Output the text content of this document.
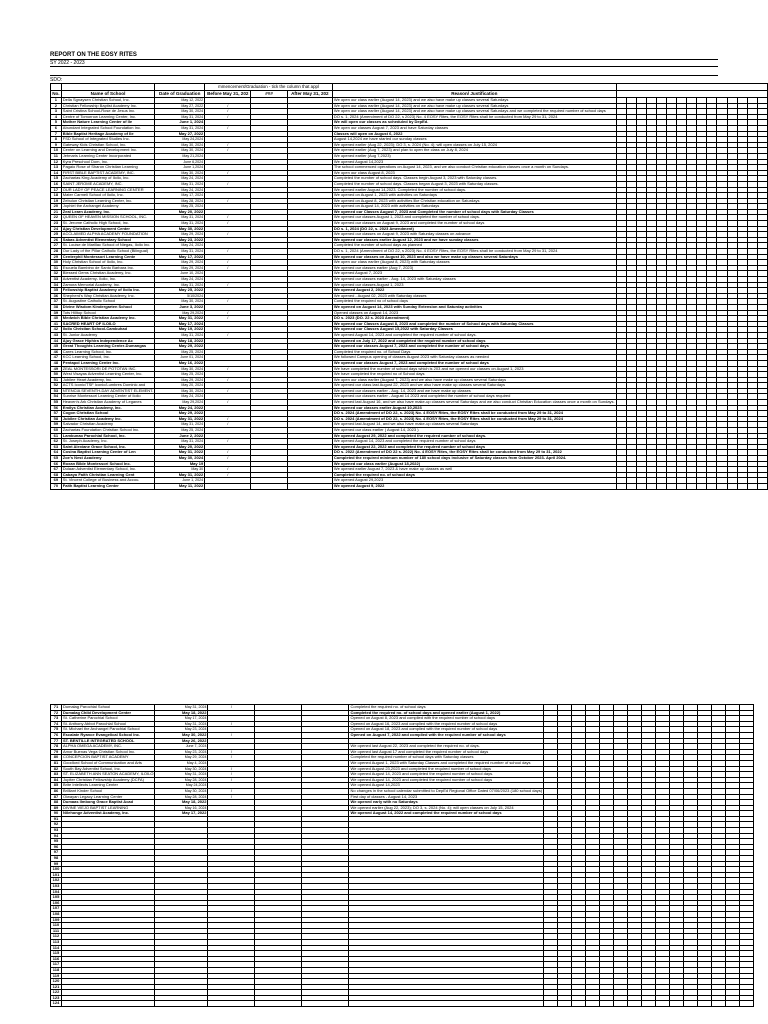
REPORT ON THE EOSY RITES
SY 2022 - 2023
SDO:
			mmencement/Graduation - tick the column that appl																		
No.	Name of School	Date of Graduation	Before May 31, 202	###	After May 31, 202	Reason/ Justification															
1	Della Sgnaysen Christian School, Inc.	May 12, 2022				We open our class earlier (August 14, 2023) and we also have make up classes several Saturdays															
2	Christian Fellowship Baptist Academy Inc.	May 27, 2022	/			We open our class earlier (August 14, 2023) and we also have make up classes several Saturdays															
3	Saint Cristina School-Rose de Jesus Inc.	May 30, 2024	/			We open our class earlier (August 14, 2023) and we also have make up classes several Saturdays and we completed the required number of school days															
4	Centre of Tomorrow Learning Center, Inc.	May 31, 2024	/			DO s. 1, 2024 (Amendment of DO 22, s 2023) No. 4 EOSY Rites, the EOSY Rites shall be conducted from May 29 to 31, 2024															
5	Mother Nature Learning Center of Ile	June 1, 2024				We will open our classes as scheduled by DepEd.															
6	Abundant Integrated School Foundation Inc.	May 31, 2024	/			We open our classes August 7, 2023 and have Saturday classes															
7	Bible Baptist Heritage Academy of Ile	May 27, 2022				Classes will open on August 6, 2022															
8	FSD School of Integrated Studies Inc.	May 24,2024				August 14,2024 we have started our sunday classes															
9	Gateway Kids Christian School, Inc.	May 30, 2024	/			We opened earlier (Aug 22, 2023); DO 3, s. 2024 (No. 4); will open classes on July 15, 2024															
10	Center on Learning and Development Inc.	May 30, 2024	/			We opened earlier (Aug 7, 2023) and plan to open the class on July 8, 2024															
11	Jetmaris Learning Center Incorporated	May 21,2024				We opened earlier (Aug 7,2023)															
12	Kyra Preschool Dom, Inc.	June 6,2024				We opened August 14,2023															
13	Pagaio Rose of Sharon Christian Learning	June 1,2024				The school commenced operations on August 14, 2023, and we also conduct Christian education classes once a month on Sundays.															
14	FIRST BIBLE BAPTIST ACADEMY, INC.	May 30, 2024	/			We open our class August 8, 2023															
15	Zacharias King Academy of Iloilo, Inc.	May 24, 2024				Completed the number of school days. Classes begin August 3, 2023 with Saturday classes.															
16	SAINT JEROME ACADEMY, INC.	May 31, 2024	/			Completed the number of school days. Classes began August 3, 2023 with Saturday classes.															
17	OUR LADY OF PEACE LEARNING CENTER	May 24, 2024				We opened earlier August 14,2023. Completed the number of school days.															
18	Mater Carmeli School of Iloilo, Inc.	May 17, 2024				We opened on August 1, 2023 with activities on Saturdays															
19	Zebulun Christian Learning Center, Inc.	May 28, 2024	/			We opened on August 8, 2023 with activities like Christian education on Saturdays															
20	Jophiel the Archangel Academy	May 25, 2024				We opened on August 14, 2023 with activities on Saturdays															
21	Zeal Learn Academy, Inc.	May 20, 2022				We opened our Classes August 7, 2023 and Completed the number of school days with Saturday Classes															
22	QUEEN OF HEAVEN MISSION SCHOOL, INC.	May 31, 2024	/			We opened our classes August 1, 2023 and completed the number of school days.															
23	St. Jerome Catholic High School, Inc.	May 31, 2024	/			We opened our classes on August 9, 2023 and completed the number of school days															
24	Ajuy Christian Development Center	May 30, 2022				DO s. 1, 2024 (DO 22, s. 2023 Amendment)															
25	ACCLAIMED ALPHA ACADEMY FOUNDATION	May 29, 2024	/			We opened our classes on August 9, 2023 with Saturday classes on advance															
26	Sabas Adventist Elementary School	May 23, 2022				We opened our classes earlier August 12, 2023 and we have sunday classes															
27	St. Louise de Marillac School of Niegas, Iloilo Inc.	May 24, 2024				Completed the number of school days as planned															
28	Our Lady of the Pillar Catholic School (Bilingual)	May 31, 2024	/			DO s. 1, 2024 (Amendment of DO 22, s 2023) No. 4 EOSY Rites, the EOSY Rites shall be conducted from May 29 to 31, 2024															
29	Centerphil Montessori Learning Cente	May 17, 2022				We opened our classes on August 10, 2023 and also we have make up classes several Saturdays															
30	Holy Christian School of Iloilo, Inc.	May 29, 2024	/			We open our class earlier (August 8, 2023) with Saturday classes															
31	Escuela Bambino de Santo Barbara Inc.	May 29, 2024	/			We opened our classes earlier (Aug 7, 2023)															
32	Blessed Gems Christian Academy, Inc.	June 10, 2024				We opened August 7, 2023															
33	Adventist Academy- Iloilo, Inc.	May 24, 2024				We opened our classes earlier - Aug. 14, 2023 with Saturday classes															
34	Zamora Memorial Academy, Inc.	May 31, 2024	/			We opened our classes August 1, 2023															
35	Fellowship Baptist Academy of Iloilo Inc.	May 25, 2022				We opened August 2, 2022															
36	Shepherd's Way Christian Academy, Inc.	5/10/2024				We opened - August 02, 2023 with Saturday classes															
37	St. Augustine Catholic School	May 30, 2024	/			Completed the required no of school days															
38	Divine Wisdom Kindergarten School	June 3, 2022				We opened on August 14, 2023 with Sunday Extension and Saturday activities															
39	Tots Hilltop School	May 29,2024	/			Opened classes on August 14, 2023															
40	Medwich Bible Christian Academy Inc.	May 31, 2022	/			DO s. 2023 (DO. 22 s. 2023 Amendment)															
41	SACRED HEART OF ILOILO	May 17, 2024				We opened our Classes August 8, 2023 and completed the number of School days with Saturday Classes															
42	Iloilo Christian School-Cambuhad	May 19, 2022				We opened our Classes August 15,2022 with Saturday Classes															
43	St. Junior Academy	May 31, 2024	/			We opened August 14, 2023 and completed the required number of school days.															
44	Ajuy Grace Hiphira Independence Ac	May 18, 2022				We opened on July 17, 2022 and completed the required number of school days															
45	Great Thoughts Learning Center-Dumangas	May 29, 2022				We opened our classes August 7, 2023 and completed the number of school days															
46	Cares Learning School, Inc.	May 25, 2024				Completed the required no. of School Days															
47	KCC Learning School, Inc.	June 01, 2024				We followed Campus opening of classes August 2023 with Saturday classes as needed															
48	Pentapol Learning Center Inc.	May 16, 2022				We opened our classes August 7, 2023 and completed the number of school days															
49	ZEAL MONTESSORI DE POTOTAN INC.	May 30, 2024	/			We have completed the number of school days which is 203 and we opened our classes on August 1, 2023															
50	West Visayas Adventist Learning Center, Inc.	May 25, 2024				We have completed the required no of School days															
51	Jubilee Heart Academy, Inc.	May 29, 2024	/			We open our class earlier (August 7, 2023) and we also have make up classes several Saturdays															
52	ACTS Iconic/TSF Iconic/Lumbres Dominic and	May 20, 2024				We opened our class last August 22, 2023 and we also have make up classes several Saturdays															
53	NTENCIA SEVENTH-DAY ADVENTIST ELEMENT.	May 30, 2024	/			We opened our classes earlier - Aug. 14, 2023 and we have make up classes															
54	Sunrise Montessori Learning Center of Iloilo	May 24, 2024				We opened our classes earlier - August 14 2023 and completed the number of school days required															
55	Heaven's Ark Christian Academy of Leganes	May 29,2024	/			We opened last August 16, and we also have make-up classes several Saturdays and we also conduct Christian Education classes once a month on Sundays.															
56	Emilys Christian Academy, Inc.	May 24, 2022				We opened our classes earlier August 10,2023															
57	Cogon Christian School	May 29, 2022				DO s. 2024 (Amendment of DO 22, s. 2023) No. 4 EOSY Rites, the EOSY Rites shall be conducted from May 29 to 31, 2024															
58	Jubilee Christian Academy Inc.	May 31, 2022	/			DO s. 2024 (Amendment of DO 22, s. 2023) No. 4 EOSY Rites, the EOSY Rites shall be conducted from May 29 to 31, 2024															
59	Salvador Christian Academy	May 31, 2024	/			We opened last August 14, and we also have make-up classes several Saturdays															
60	Zacharias Foundation Christian School Inc.	May 25, 2024				We opened our class earlier ( August 14, 2023 )															
61	Lambunao Parochial School, Inc.	June 2, 2022				We opened August 29, 2022 and completed the required number of school days.															
62	St. Joseph Academy, Inc.	May 31, 2024	/			We opened August 14, 2023 and completed the required number of school days															
63	Saint Alexiane Grace School, Inc.	May 20, 2022				We opened August 22, 2022 and completed the required number of school days															
64	Cosina Baptist Learning Center of Len	May 31, 2022	/			DO s. 2022 (Amendment of DO 22 s. 2022) No. 4 EOSY Rites, the EOSY Rites shall be conducted from May 29 to 31, 2022															
65	Zoe's Nest Academy	May 30, 2024	/			Completed the required minimum number of 180 school days inclusive of Saturday classes from October 2023- April 2024.															
66	Roxan Bible Montessori School Inc.	May 19				We opened our class earlier (August 18,2022)															
67	Dulaan Adventist Elementary School, Inc.	May 30	/			We opened earlier August 7, 2023 & have make up classes as well															
68	Cabayo Faith Christian Learning Cent	May 31, 2022	/			Completed the required no. of school days															
69	St. Vincent College of Business and Accou.	June 1, 2024				We opened August 29,2023															
70	Faith Baptist Learning Center	May 11, 2022				We opened August 9, 2022															
71	Dumalag Parochial School	May 31, 2024	/			Completed the required no. of school days															
72	Dumalag Child Development Center	May 18, 2022				Completed the required no. of school days and opened earlier (August 1, 2022)															
73	St. Catherine Parochial School	May 17, 2024				Opened on August 8, 2023 and complied with the required number of school days															
74	St. Anthony Abbot Parochial School	May 31, 2024	/			Opened on August 16, 2023 and complied with the required number of school days															
75	St. Michael the Archangel Parochial School	May 23, 2024				Opened on August 18, 2023 and complied with the required number of school days															
76	Escalate Ryance Evangelical School Inc.	May 30, 2022	/			Opened on August 7, 2022 and complied with the required number of school days															
77	ST. BENTILLE INTEGRATED SCHOOL	May 26, 2022																			
78	ALPHA OMEGA ACADEMY, INC.	June 7, 2024				We opened last August 22, 2023 and completed the required no. of days.															
79	Amor Buenas Vega Christian School Inc.	May 23, 2024	/			We opened last August 17 and completed the required number of school days															
80	CONCEPCION BAPTIST ACADEMY	May 29, 2024	/			Completed the required number of school days with Saturday classes															
81	Goodlord School of Communication and Arts	May 4, 2024				We opened August 1, 2023 with Saturday Classes and completed the required number of school days															
82	South Bay Adventist School, Inc.	May 30, 2024	/			We opened August 23,2023 and completed the required number of school days															
83	ST. ELIZABETH ANN SEATON ACADEMY, ILOILO	May 31, 2024	/			We opened August 14, 2023 and completed the required number of school days.															
84	Jupiter Christian Fellowship Academy (DCFA)	May 28, 2024	/			We opened August 14, 2023 and completed the required number of school days															
85	Brite Intellects Learning Center	May 24,2024				We opened August 14,2023															
86	Brilliant Kinder School	May 30, 2024	/			No changes in the school calendar submitted to DepEd Regional Office Dated 07/06/2023 (180 school days)															
87	Oiwayan Legacy Learning Center	May 28, 2024	/			First day of classes - August 14, 2023															
88	Dumaas Ilmbong Grace Baptist Acad	May 18, 2022				We opened early with no Saturdays															
89	DIVINE VIEJO BAPTIST LEARNING	May 16, 2024				We opened earlier (Aug 22, 2023); DO 3, s. 2024 (No. 4); will open classes on July 15, 2024															
90	Nilehonge Adventist Academy, Inc.	May 17, 2022				We opened August 14, 2022 and completed the required number of school days															
91																					
92																					
93																					
94																					
95																					
96																					
97																					
98																					
99																					
100																					
101																					
102																					
103																					
104																					
105																					
106																					
107																					
108																					
109																					
110																					
111																					
112																					
113																					
114																					
115																					
116																					
117																					
118																					
119																					
120																					
121																					
122																					
123																					
124																					
